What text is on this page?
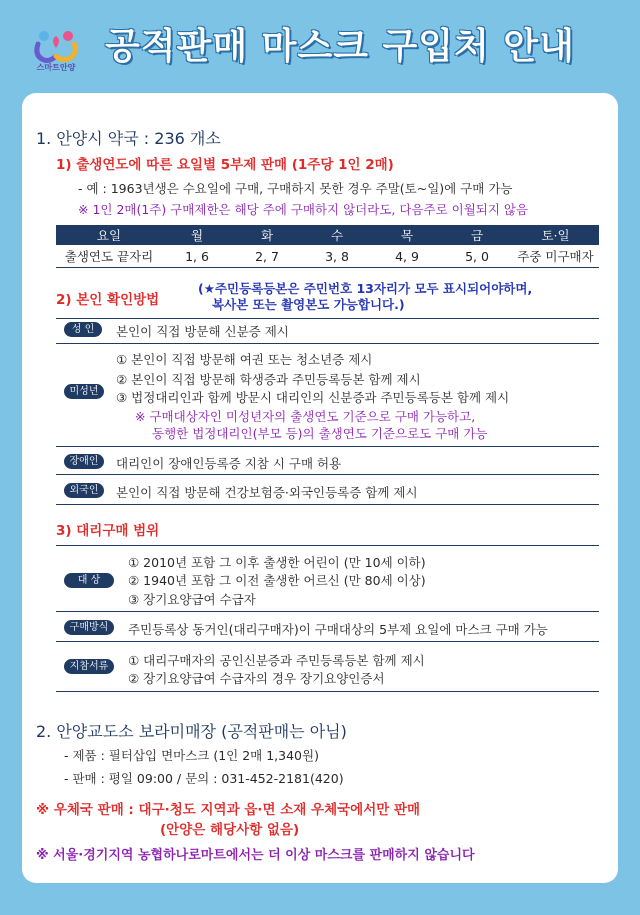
스마트안양
공적판매 마스크 구입처 안내
1. 안양시 약국 : 236 개소
1) 출생연도에 따른 요일별 5부제 판매 (1주당 1인 2매)
- 예 : 1963년생은 수요일에 구매, 구매하지 못한 경우 주말(토~일)에 구매 가능
※ 1인 2매(1주) 구매제한은 해당 주에 구매하지 않더라도, 다음주로 이월되지 않음
요일	월	화	수	목	금	토·일
출생연도 끝자리	1, 6	2, 7	3, 8	4, 9	5, 0	주중 미구매자
2) 본인 확인방법
(★주민등록등본은 주민번호 13자리가 모두 표시되어야하며,
복사본 또는 촬영본도 가능합니다.)
성 인	본인이 직접 방문해 신분증 제시
미성년
① 본인이 직접 방문해 여권 또는 청소년증 제시
② 본인이 직접 방문해 학생증과 주민등록등본 함께 제시
③ 법정대리인과 함께 방문시 대리인의 신분증과 주민등록등본 함께 제시
※ 구매대상자인 미성년자의 출생연도 기준으로 구매 가능하고,
동행한 법정대리인(부모 등)의 출생연도 기준으로도 구매 가능
장애인	대리인이 장애인등록증 지참 시 구매 허용
외국인	본인이 직접 방문해 건강보험증·외국인등록증 함께 제시
3) 대리구매 범위
대 상
① 2010년 포함 그 이후 출생한 어린이 (만 10세 이하)
② 1940년 포함 그 이전 출생한 어르신 (만 80세 이상)
③ 장기요양급여 수급자
구매방식	주민등록상 동거인(대리구매자)이 구매대상의 5부제 요일에 마스크 구매 가능
지참서류	① 대리구매자의 공인신분증과 주민등록등본 함께 제시
② 장기요양급여 수급자의 경우 장기요양인증서
2. 안양교도소 보라미매장 (공적판매는 아님)
- 제품 : 필터삽입 면마스크 (1인 2매 1,340원)
- 판매 : 평일 09:00 / 문의 : 031-452-2181(420)
※ 우체국 판매 : 대구·청도 지역과 읍·면 소재 우체국에서만 판매
(안양은 해당사항 없음)
※ 서울·경기지역 농협하나로마트에서는 더 이상 마스크를 판매하지 않습니다
